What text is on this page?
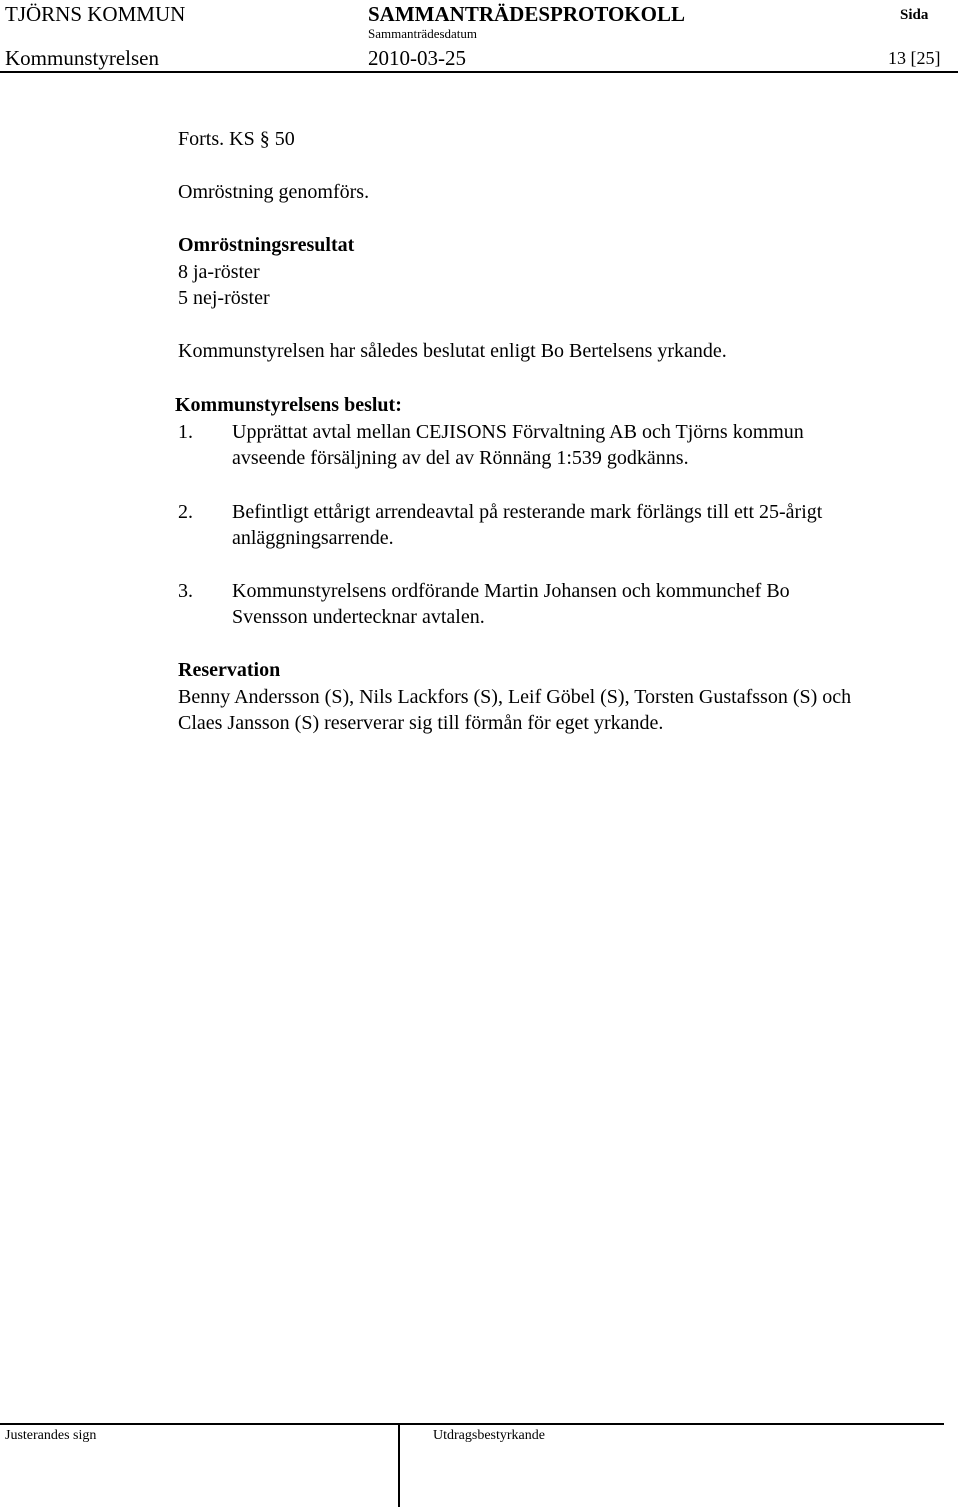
TJÖRNS KOMMUN	SAMMANTRÄDESPROTOKOLL	Sida
Sammanträdesdatum
Kommunstyrelsen	2010-03-25	13 [25]
Forts. KS § 50
Omröstning genomförs.
Omröstningsresultat
8 ja-röster
5 nej-röster
Kommunstyrelsen har således beslutat enligt Bo Bertelsens yrkande.
Kommunstyrelsens beslut:
1. Upprättat avtal mellan CEJISONS Förvaltning AB och Tjörns kommun
avseende försäljning av del av Rönnäng 1:539 godkänns.
2. Befintligt ettårigt arrendeavtal på resterande mark förlängs till ett 25-årigt
anläggningsarrende.
3. Kommunstyrelsens ordförande Martin Johansen och kommunchef Bo
Svensson undertecknar avtalen.
Reservation
Benny Andersson (S), Nils Lackfors (S), Leif Göbel (S), Torsten Gustafsson (S) och
Claes Jansson (S) reserverar sig till förmån för eget yrkande.
Justerandes sign	Utdragsbestyrkande
